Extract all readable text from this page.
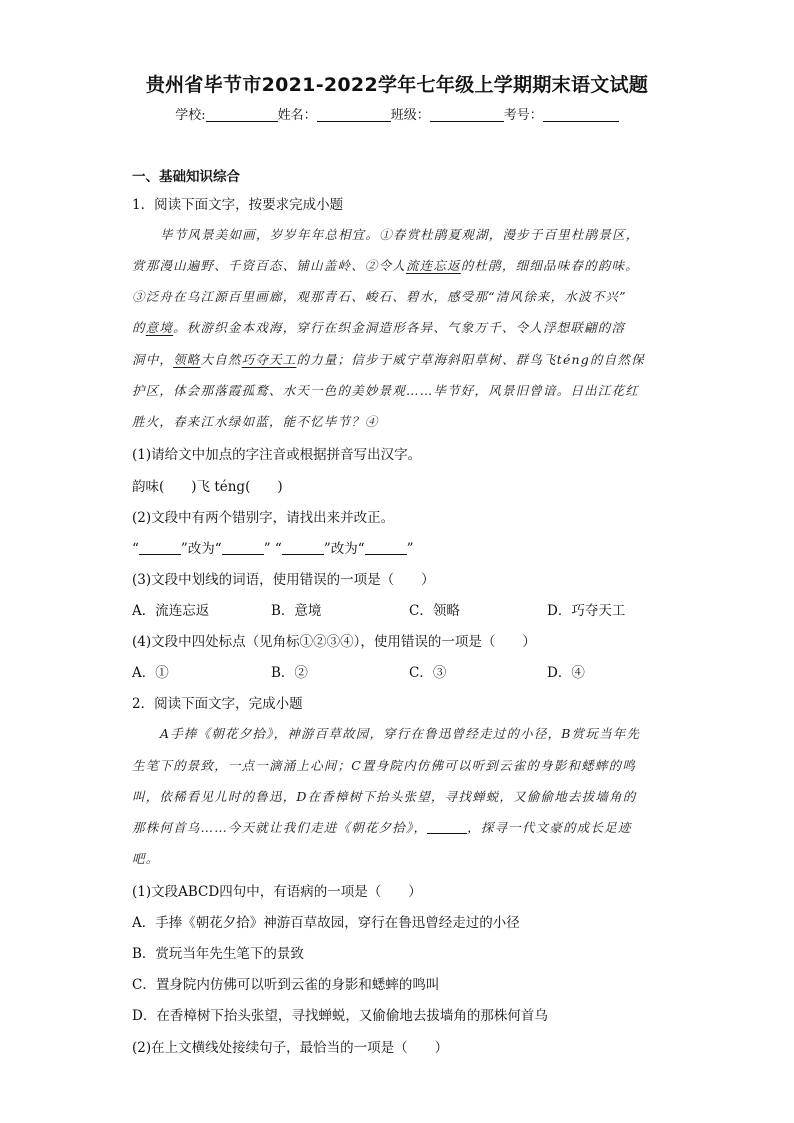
贵州省毕节市2021-2022学年七年级上学期期末语文试题
学校:	姓名：	班级：	考号：
一、基础知识综合
1．阅读下面文字，按要求完成小题
毕节风景美如画，岁岁年年总相宜。①春赏杜鹃夏观湖，漫步于百里杜鹃景区，
赏那漫山遍野、千资百态、铺山盖岭、②令人流连忘返的杜鹃，细细品味春的韵味。
③泛舟在乌江源百里画廊，观那青石、峻石、碧水，感受那“清风徐来，水波不兴”
的意境。秋游织金本戏海，穿行在织金洞造形各异、气象万千、令人浮想联翩的溶
洞中，领略大自然巧夺天工的力量；信步于威宁草海斜阳草树、群鸟飞téng的自然保
护区，体会那落霞孤鹜、水天一色的美妙景观……毕节好，风景旧曾谙。日出江花红
胜火，春来江水绿如蓝，能不忆毕节？④
(1)请给文中加点的字注音或根据拼音写出汉字。
韵味(　　)飞 téng(　　)
(2)文段中有两个错别字，请找出来并改正。
“	”改为“	” “	”改为“	”
(3)文段中划线的词语，使用错误的一项是（　　）
A．流连忘返	B．意境	C．领略	D．巧夺天工
(4)文段中四处标点（见角标①②③④），使用错误的一项是（　　）
A．①	B．②	C．③	D．④
2．阅读下面文字，完成小题
A手捧《朝花夕拾》，神游百草故园，穿行在鲁迅曾经走过的小径，B赏玩当年先
生笔下的景致，一点一滴涌上心间；C置身院内仿佛可以听到云雀的身影和蟋蟀的鸣
叫，依稀看见儿时的鲁迅，D在香樟树下抬头张望，寻找蝉蜕，又偷偷地去拔墙角的
那株何首乌……今天就让我们走进《朝花夕拾》，	，探寻一代文豪的成长足迹
吧。
(1)文段ABCD四句中，有语病的一项是（　　）
A．手捧《朝花夕拾》神游百草故园，穿行在鲁迅曾经走过的小径
B．赏玩当年先生笔下的景致
C．置身院内仿佛可以听到云雀的身影和蟋蟀的鸣叫
D．在香樟树下抬头张望，寻找蝉蜕，又偷偷地去拔墙角的那株何首乌
(2)在上文横线处接续句子，最恰当的一项是（　　）
